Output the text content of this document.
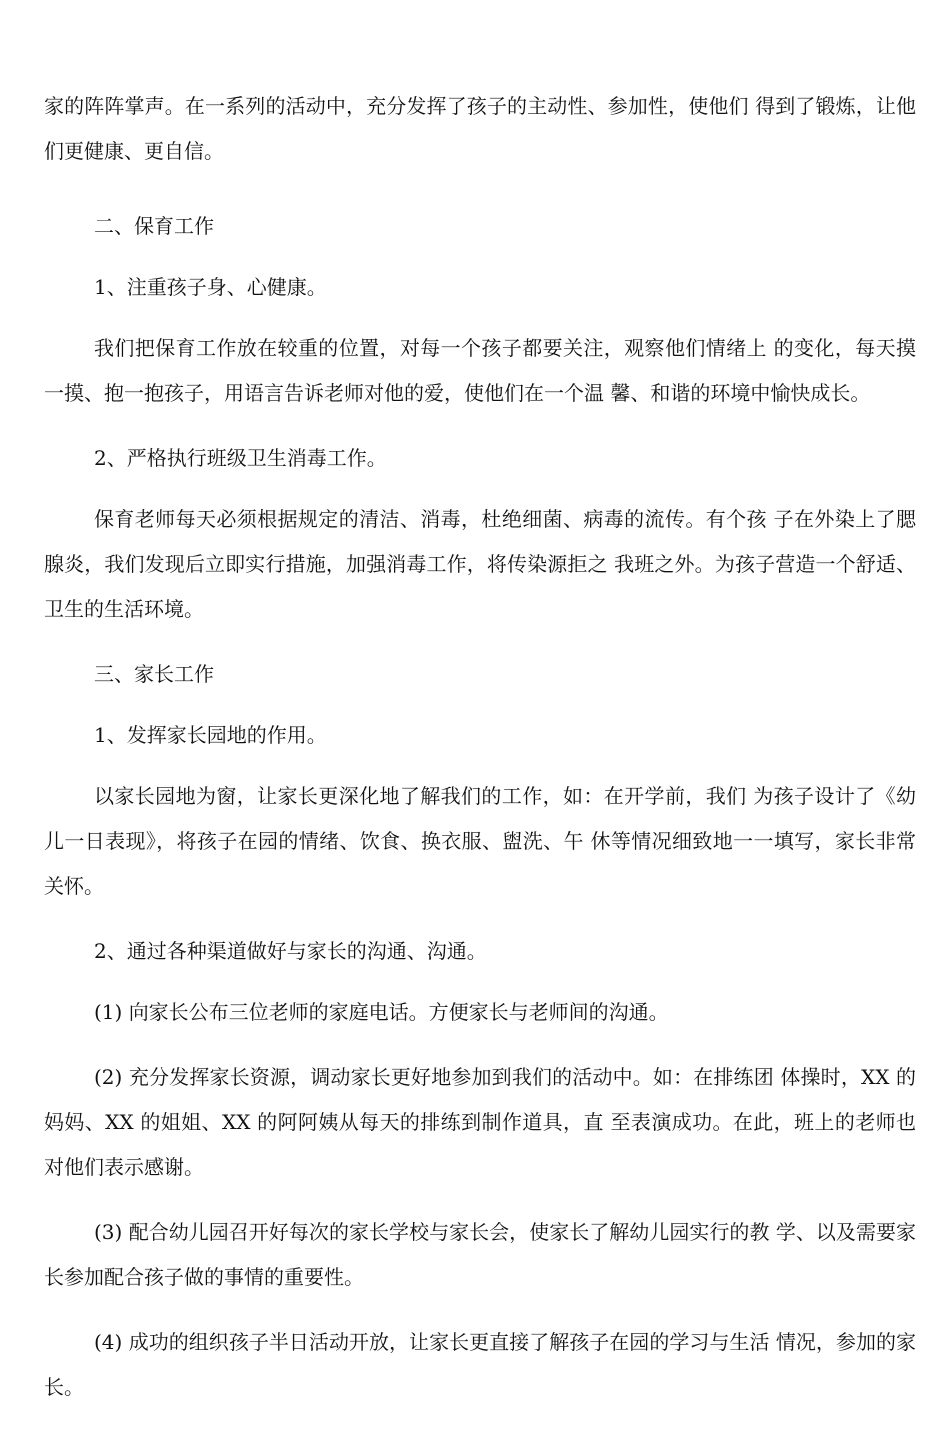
家的阵阵掌声。在一系列的活动中，充分发挥了孩子的主动性、参加性，使他们 得到了锻炼，让他们更健康、更自信。

二、保育工作

1、注重孩子身、心健康。

我们把保育工作放在较重的位置，对每一个孩子都要关注，观察他们情绪上 的变化，每天摸一摸、抱一抱孩子，用语言告诉老师对他的爱，使他们在一个温 馨、和谐的环境中愉快成长。

2、严格执行班级卫生消毒工作。

保育老师每天必须根据规定的清洁、消毒，杜绝细菌、病毒的流传。有个孩 子在外染上了腮腺炎，我们发现后立即实行措施，加强消毒工作，将传染源拒之 我班之外。为孩子营造一个舒适、卫生的生活环境。

三、家长工作

1、发挥家长园地的作用。

以家长园地为窗，让家长更深化地了解我们的工作，如：在开学前，我们 为孩子设计了《幼儿一日表现》，将孩子在园的情绪、饮食、换衣服、盥洗、午 休等情况细致地一一填写，家长非常关怀。

2、通过各种渠道做好与家长的沟通、沟通。

(1) 向家长公布三位老师的家庭电话。方便家长与老师间的沟通。

(2) 充分发挥家长资源，调动家长更好地参加到我们的活动中。如：在排练团 体操时，XX 的妈妈、XX 的姐姐、XX 的阿阿姨从每天的排练到制作道具，直 至表演成功。在此，班上的老师也对他们表示感谢。

(3) 配合幼儿园召开好每次的家长学校与家长会，使家长了解幼儿园实行的教 学、以及需要家长参加配合孩子做的事情的重要性。

(4) 成功的组织孩子半日活动开放，让家长更直接了解孩子在园的学习与生活 情况，参加的家长。
